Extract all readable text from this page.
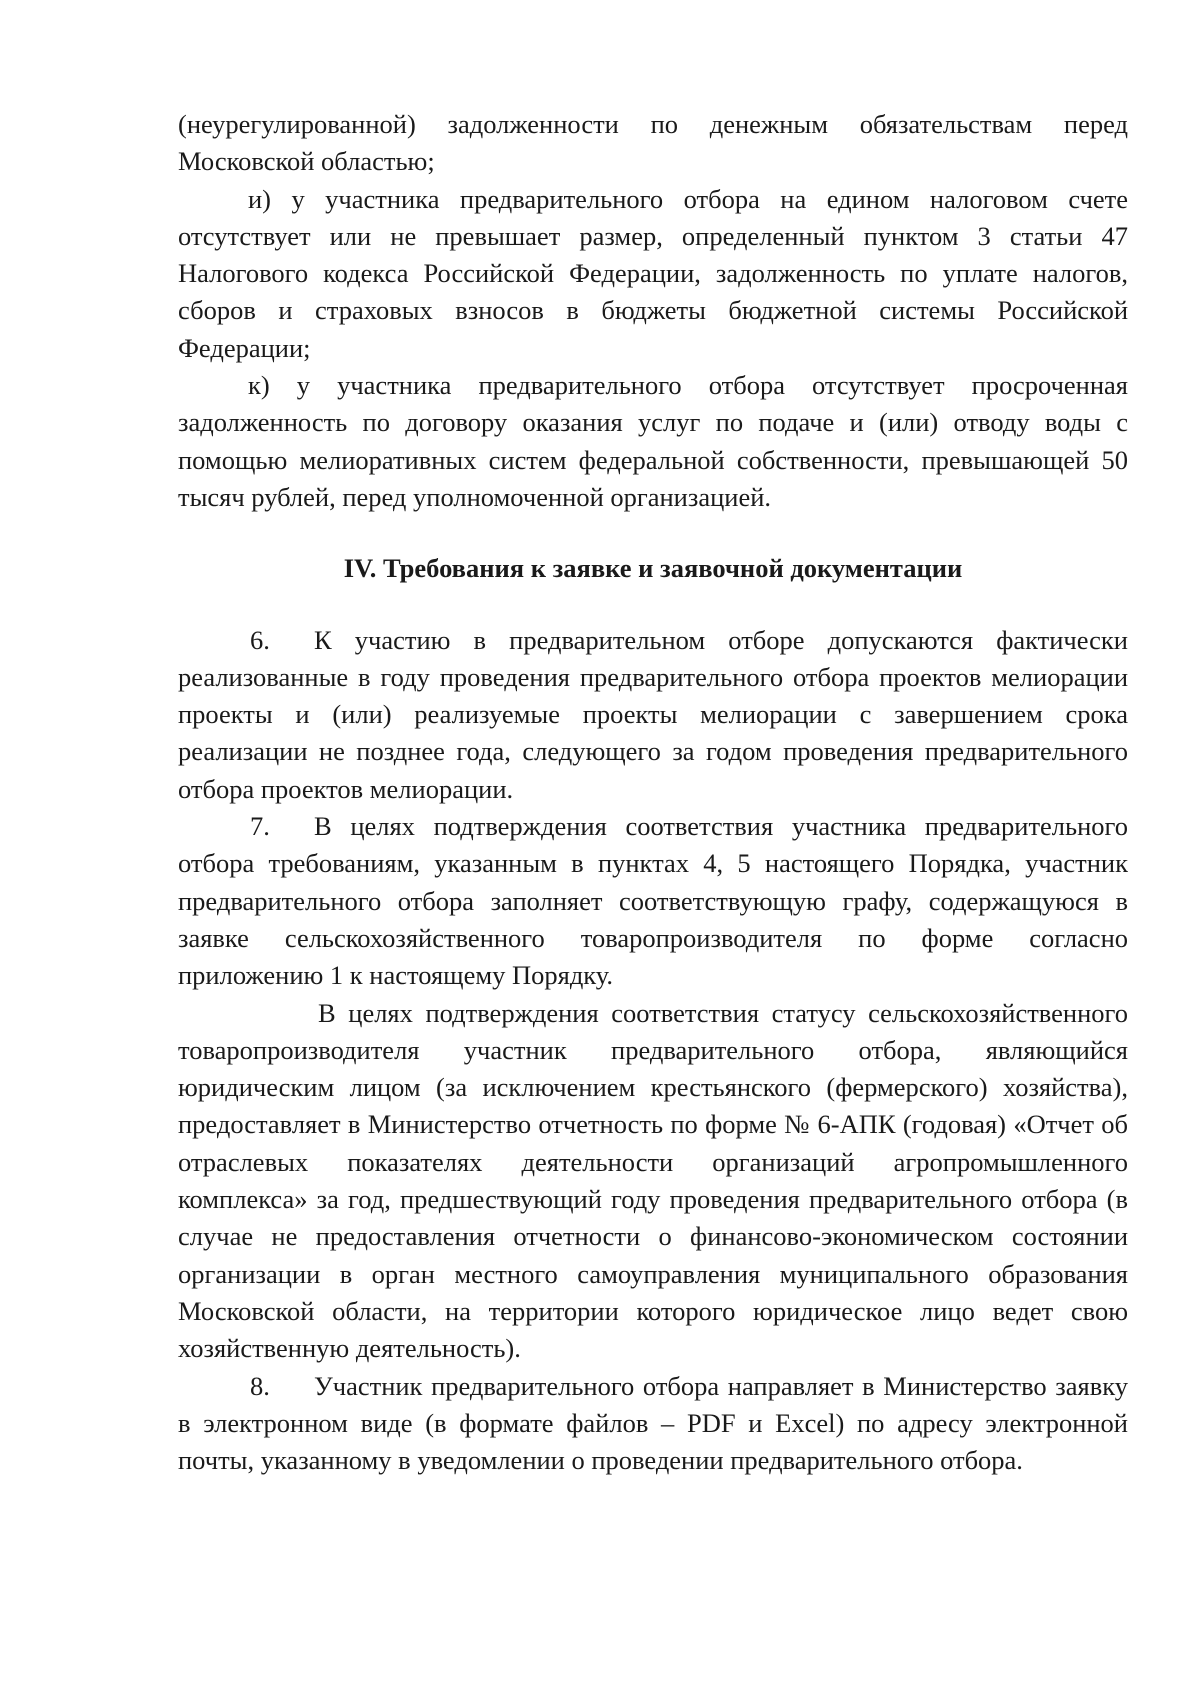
(неурегулированной) задолженности по денежным обязательствам перед Московской областью;

и) у участника предварительного отбора на едином налоговом счете отсутствует или не превышает размер, определенный пунктом 3 статьи 47 Налогового кодекса Российской Федерации, задолженность по уплате налогов, сборов и страховых взносов в бюджеты бюджетной системы Российской Федерации;

к) у участника предварительного отбора отсутствует просроченная задолженность по договору оказания услуг по подаче и (или) отводу воды с помощью мелиоративных систем федеральной собственности, превышающей 50 тысяч рублей, перед уполномоченной организацией.

IV. Требования к заявке и заявочной документации

6. К участию в предварительном отборе допускаются фактически реализованные в году проведения предварительного отбора проектов мелиорации проекты и (или) реализуемые проекты мелиорации с завершением срока реализации не позднее года, следующего за годом проведения предварительного отбора проектов мелиорации.

7. В целях подтверждения соответствия участника предварительного отбора требованиям, указанным в пунктах 4, 5 настоящего Порядка, участник предварительного отбора заполняет соответствующую графу, содержащуюся в заявке сельскохозяйственного товаропроизводителя по форме согласно приложению 1 к настоящему Порядку.

В целях подтверждения соответствия статусу сельскохозяйственного товаропроизводителя участник предварительного отбора, являющийся юридическим лицом (за исключением крестьянского (фермерского) хозяйства), предоставляет в Министерство отчетность по форме № 6-АПК (годовая) «Отчет об отраслевых показателях деятельности организаций агропромышленного комплекса» за год, предшествующий году проведения предварительного отбора (в случае не предоставления отчетности о финансово-экономическом состоянии организации в орган местного самоуправления муниципального образования Московской области, на территории которого юридическое лицо ведет свою хозяйственную деятельность).

8. Участник предварительного отбора направляет в Министерство заявку в электронном виде (в формате файлов – PDF и Excel) по адресу электронной почты, указанному в уведомлении о проведении предварительного отбора.
